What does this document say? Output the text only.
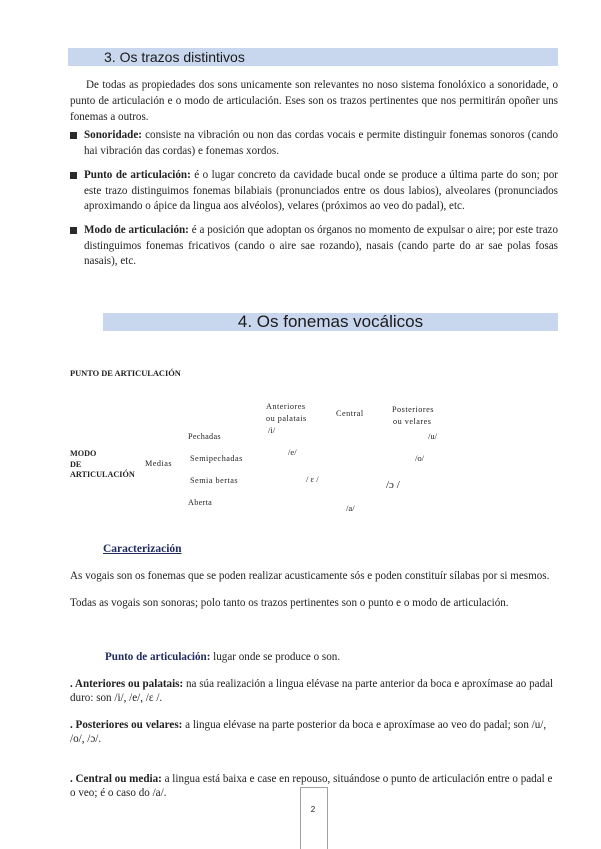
3. Os trazos distintivos

De todas as propiedades dos sons unicamente son relevantes no noso sistema fonolóxico a sonoridade, o punto de articulación e o modo de articulación. Eses son os trazos pertinentes que nos permitirán opoñer uns fonemas a outros.

Sonoridade: consiste na vibración ou non das cordas vocais e permite distinguir fonemas sonoros (cando hai vibración das cordas) e fonemas xordos.
Punto de articulación: é o lugar concreto da cavidade bucal onde se produce a última parte do son; por este trazo distinguimos fonemas bilabiais (pronunciados entre os dous labios), alveolares (pronunciados aproximando o ápice da lingua aos alvéolos), velares (próximos ao veo do padal), etc.
Modo de articulación: é a posición que adoptan os órganos no momento de expulsar o aire; por este trazo distinguimos fonemas fricativos (cando o aire sae rozando), nasais (cando parte do ar sae polas fosas nasais), etc.
4. Os fonemas vocálicos
PUNTO DE ARTICULACIÓN
Anteriores
ou palatais
Central	Posteriores
ou velares
MODO
DE
ARTICULACIÓN
Medias
Pechadas
Semipechadas
Semia bertas
Aberta
/i/
/u/
/e/
/o/
/ ɛ /	/ɔ /
/a/
Caracterización

As vogais son os fonemas que se poden realizar acusticamente sós e poden constituír sílabas por si mesmos.

Todas as vogais son sonoras; polo tanto os trazos pertinentes son o punto e o modo de articulación.

Punto de articulación: lugar onde se produce o son.
. Anteriores ou palatais: na súa realización a lingua elévase na parte anterior da boca e aproxímase ao padal duro: son /i/, /e/, /ɛ /.
. Posteriores ou velares: a lingua elévase na parte posterior da boca e aproxímase ao veo do padal; son /u/, /o/, /ɔ/.
. Central ou media: a lingua está baixa e case en repouso, situándose o punto de articulación entre o padal e o veo; é o caso do /a/.
2
